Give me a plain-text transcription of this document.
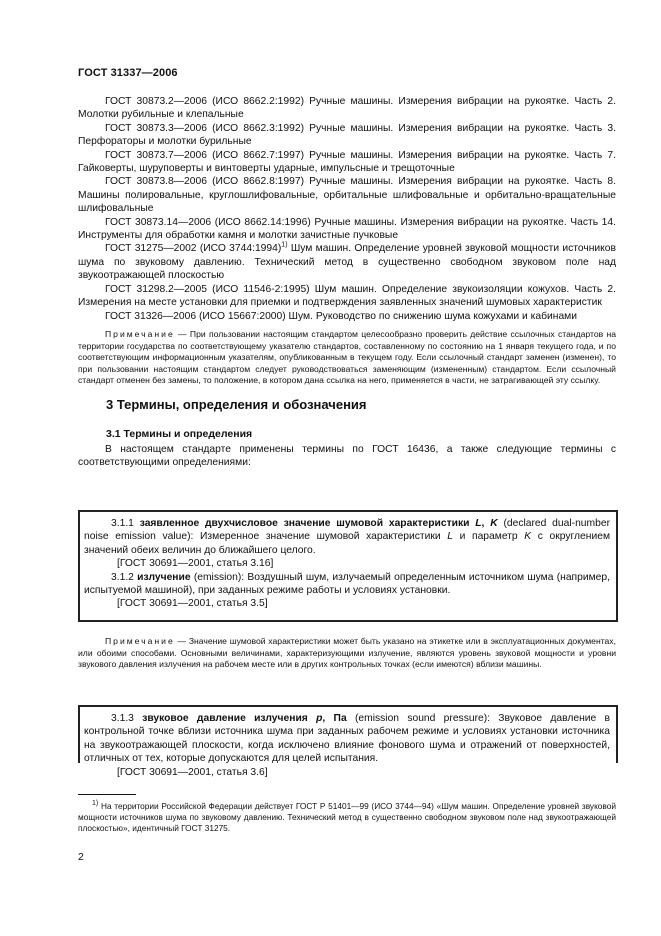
ГОСТ 31337—2006

ГОСТ 30873.2—2006 (ИСО 8662.2:1992) Ручные машины. Измерения вибрации на рукоятке. Часть 2. Молотки рубильные и клепальные

ГОСТ 30873.3—2006 (ИСО 8662.3:1992) Ручные машины. Измерения вибрации на рукоятке. Часть 3. Перфораторы и молотки бурильные

ГОСТ 30873.7—2006 (ИСО 8662.7:1997) Ручные машины. Измерения вибрации на рукоятке. Часть 7. Гайковерты, шуруповерты и винтоверты ударные, импульсные и трещоточные

ГОСТ 30873.8—2006 (ИСО 8662.8:1997) Ручные машины. Измерения вибрации на рукоятке. Часть 8. Машины полировальные, круглошлифовальные, орбитальные шлифовальные и орбитально-вращательные шлифовальные

ГОСТ 30873.14—2006 (ИСО 8662.14:1996) Ручные машины. Измерения вибрации на рукоятке. Часть 14. Инструменты для обработки камня и молотки зачистные пучковые

ГОСТ 31275—2002 (ИСО 3744:1994)$^{1)}$ Шум машин. Определение уровней звуковой мощности источников шума по звуковому давлению. Технический метод в существенно свободном звуковом поле над звукоотражающей плоскостью

ГОСТ 31298.2—2005 (ИСО 11546-2:1995) Шум машин. Определение звукоизоляции кожухов. Часть 2. Измерения на месте установки для приемки и подтверждения заявленных значений шумовых характеристик

ГОСТ 31326—2006 (ИСО 15667:2000) Шум. Руководство по снижению шума кожухами и кабинами

Примечание — При пользовании настоящим стандартом целесообразно проверить действие ссылочных стандартов на территории государства по соответствующему указателю стандартов, составленному по состоянию на 1 января текущего года, и по соответствующим информационным указателям, опубликованным в текущем году. Если ссылочный стандарт заменен (изменен), то при пользовании настоящим стандартом следует руководствоваться заменяющим (измененным) стандартом. Если ссылочный стандарт отменен без замены, то положение, в котором дана ссылка на него, применяется в части, не затрагивающей эту ссылку.

3 Термины, определения и обозначения
3.1 Термины и определения

В настоящем стандарте применены термины по ГОСТ 16436, а также следующие термины с соответствующими определениями:

3.1.1 заявленное двухчисловое значение шумовой характеристики L, K (declared dual-number noise emission value): Измеренное значение шумовой характеристики L и параметр K с округлением значений обеих величин до ближайшего целого.

[ГОСТ 30691—2001, статья 3.16]

3.1.2 излучение (emission): Воздушный шум, излучаемый определенным источником шума (например, испытуемой машиной), при заданных режиме работы и условиях установки.

[ГОСТ 30691—2001, статья 3.5]

Примечание — Значение шумовой характеристики может быть указано на этикетке или в эксплуатационных документах, или обоими способами. Основными величинами, характеризующими излучение, являются уровень звуковой мощности и уровни звукового давления излучения на рабочем месте или в других контрольных точках (если имеются) вблизи машины.

3.1.3 звуковое давление излучения p, Па (emission sound pressure): Звуковое давление в контрольной точке вблизи источника шума при заданных рабочем режиме и условиях установки источника на звукоотражающей плоскости, когда исключено влияние фонового шума и отражений от поверхностей, отличных от тех, которые допускаются для целей испытания.

[ГОСТ 30691—2001, статья 3.6]

$^{1)}$ На территории Российской Федерации действует ГОСТ Р 51401—99 (ИСО 3744—94) «Шум машин. Определение уровней звуковой мощности источников шума по звуковому давлению. Технический метод в существенно свободном звуковом поле над звукоотражающей плоскостью», идентичный ГОСТ 31275.

2
